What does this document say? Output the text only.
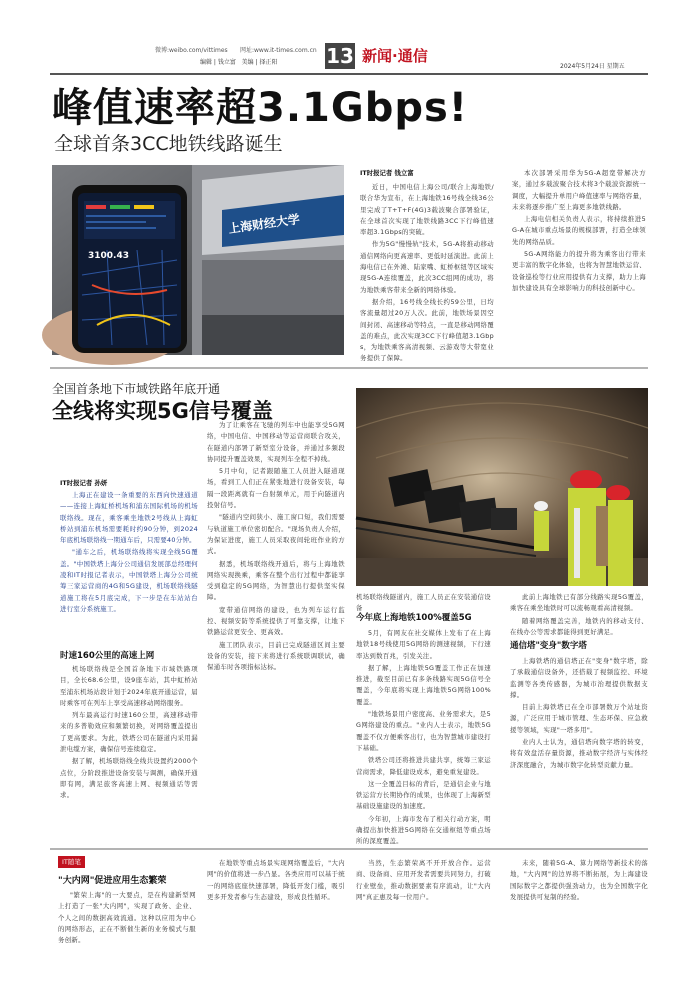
微博:weibo.com/vittimes 网址:www.it-times.com.cn
编辑 | 钱立富 美编 | 择正阳 13 新闻·通信
2024年5月24日 星期五
峰值速率超3.1Gbps!
全球首条3CC地铁线路诞生
3100.43
上海财经大学
IT时报记者 钱立富

近日，中国电信上海公司/联合上海地铁/联合华为宣布，在上海地铁16号线全线36公里完成了T+T+F(4G)3载波聚合部署验证，在全球首次实现了地铁线路3CC下行峰值速率超3.1Gbps的突破。

作为5G"慢慢轨"技术，5G-A将推动移动通信网络向更高速率、更低时延演进。此前上海电信已在外滩、陆家嘴、虹桥枢纽等区域实现5G-A连续覆盖，此次3CC组网的成功，将为地铁乘客带来全新的网络体验。

据介绍，16号线全线长约59公里，日均客流量超过20万人次。此前，地铁场景因空间封闭、高速移动等特点，一直是移动网络覆盖的难点，此次实现3CC下行峰值超3.1Gbps，为地铁乘客高清视频、云游戏等大带宽业务提供了保障。

本次部署采用华为5G-A超宽带解决方案，通过多载波聚合技术将3个载波资源统一调度，大幅提升单用户峰值速率与网络容量，未来将逐步推广至上海更多地铁线路。

上海电信相关负责人表示，将持续推进5G-A在城市重点场景的规模部署，打造全球领先的网络品质。

5G-A网络能力的提升将为乘客出行带来更丰富的数字化体验，也将为智慧地铁运营、设备巡检等行业应用提供有力支撑，助力上海加快建设具有全球影响力的科技创新中心。

全国首条地下市域铁路年底开通
全线将实现5G信号覆盖
IT时报记者 孙妍

上海正在建设一条重要的东西向快速通道——连接上海虹桥机场和浦东国际机场的机场联络线。现在，乘客乘坐地铁2号线从上海虹桥站到浦东机场需要耗时约90分钟，到2024年底机场联络线一期通车后，只需要40分钟。

"通车之后，机场联络线将实现全线5G覆盖。"中国铁塔上海分公司通信发展部总经理何凌和IT时报记者表示，中国铁塔上海分公司统筹三家运营商的4G和5G建设，机场联络线隧道施工将在5月底完成，下一步是在车站站台进行室分系统施工。

时速160公里的高速上网

机场联络线是全国首条地下市域铁路项目，全长68.6公里，设9座车站，其中虹桥站至浦东机场站段计划于2024年底开通运营，届时乘客可在列车上享受高速移动网络服务。

列车最高运行时速160公里，高速移动带来的多普勒效应和频繁切换，对网络覆盖提出了更高要求。为此，铁塔公司在隧道内采用漏泄电缆方案，确保信号连续稳定。

据了解，机场联络线全线共设置约2000个点位，分阶段推进设备安装与调测，确保开通即有网，满足旅客高速上网、视频通话等需求。

为了让乘客在飞驰的列车中也能享受5G网络，中国电信、中国移动等运营商联合攻关，在隧道内部署了新型室分设备，并通过多频段协同提升覆盖效果，实现列车全程不掉线。

5月中旬，记者跟随施工人员进入隧道现场，看到工人们正在紧张地进行设备安装，每隔一段距离就有一台射频单元，用于向隧道内投射信号。

"隧道内空间狭小、施工窗口短，我们需要与轨道施工单位密切配合。"现场负责人介绍，为保证进度，施工人员采取夜间轮班作业的方式。

据悉，机场联络线开通后，将与上海地铁网络实现换乘，乘客在整个出行过程中都能享受到稳定的5G网络，为智慧出行提供坚实保障。

宽带通信网络的建设，也为列车运行监控、视频安防等系统提供了可靠支撑，让地下铁路运营更安全、更高效。

施工团队表示，目前已完成隧道区间主要设备的安装，接下来将进行系统联调联试，确保通车时各项指标达标。

机场联络线隧道内，施工人员正在安装通信设备
今年底上海地铁100%覆盖5G

5月，有网友在社交媒体上发布了在上海地铁18号线使用5G网络的测速视频，下行速率达到数百兆，引发关注。

据了解，上海地铁5G覆盖工作正在加速推进，截至目前已有多条线路实现5G信号全覆盖，今年底将实现上海地铁5G网络100%覆盖。

"地铁场景用户密度高、业务需求大，是5G网络建设的重点。"业内人士表示，地铁5G覆盖不仅方便乘客出行，也为智慧城市建设打下基础。

铁塔公司还将推进共建共享，统筹三家运营商需求，降低建设成本，避免重复建设。

这一全覆盖目标的背后，是通信企业与地铁运营方长期协作的成果，也体现了上海新型基础设施建设的加速度。

今年初，上海市发布了相关行动方案，明确提出加快推进5G网络在交通枢纽等重点场所的深度覆盖。

此前上海地铁已有部分线路实现5G覆盖，乘客在乘坐地铁时可以流畅观看高清视频。

随着网络覆盖完善，地铁内的移动支付、在线办公等需求都能得到更好满足。

通信塔"变身"数字塔

上海铁塔的通信塔正在"变身"数字塔，除了承载通信设备外，还搭载了视频监控、环境监测等各类传感器，为城市治理提供数据支撑。

目前上海铁塔已在全市部署数万个站址资源，广泛应用于城市管理、生态环保、应急救援等领域，实现"一塔多用"。

业内人士认为，通信塔向数字塔的转变，将有效盘活存量资源，推动数字经济与实体经济深度融合，为城市数字化转型贡献力量。

IT随笔
"大内网"促进应用生态繁荣

"繁荣上海"的一大要点，是在构建新型网上打造了一张"大内网"，实现了政务、企业、个人之间的数据高效流通。这种以应用为中心的网络形态，正在不断催生新的业务模式与服务创新。

在地铁等重点场景实现网络覆盖后，"大内网"的价值将进一步凸显。各类应用可以基于统一的网络底座快速部署，降低开发门槛，吸引更多开发者参与生态建设，形成良性循环。

当然，生态繁荣离不开开放合作。运营商、设备商、应用开发者需要共同努力，打破行业壁垒，推动数据要素有序流动，让"大内网"真正惠及每一位用户。

未来，随着5G-A、算力网络等新技术的落地，"大内网"的边界将不断拓展，为上海建设国际数字之都提供强劲动力，也为全国数字化发展提供可复制的经验。
